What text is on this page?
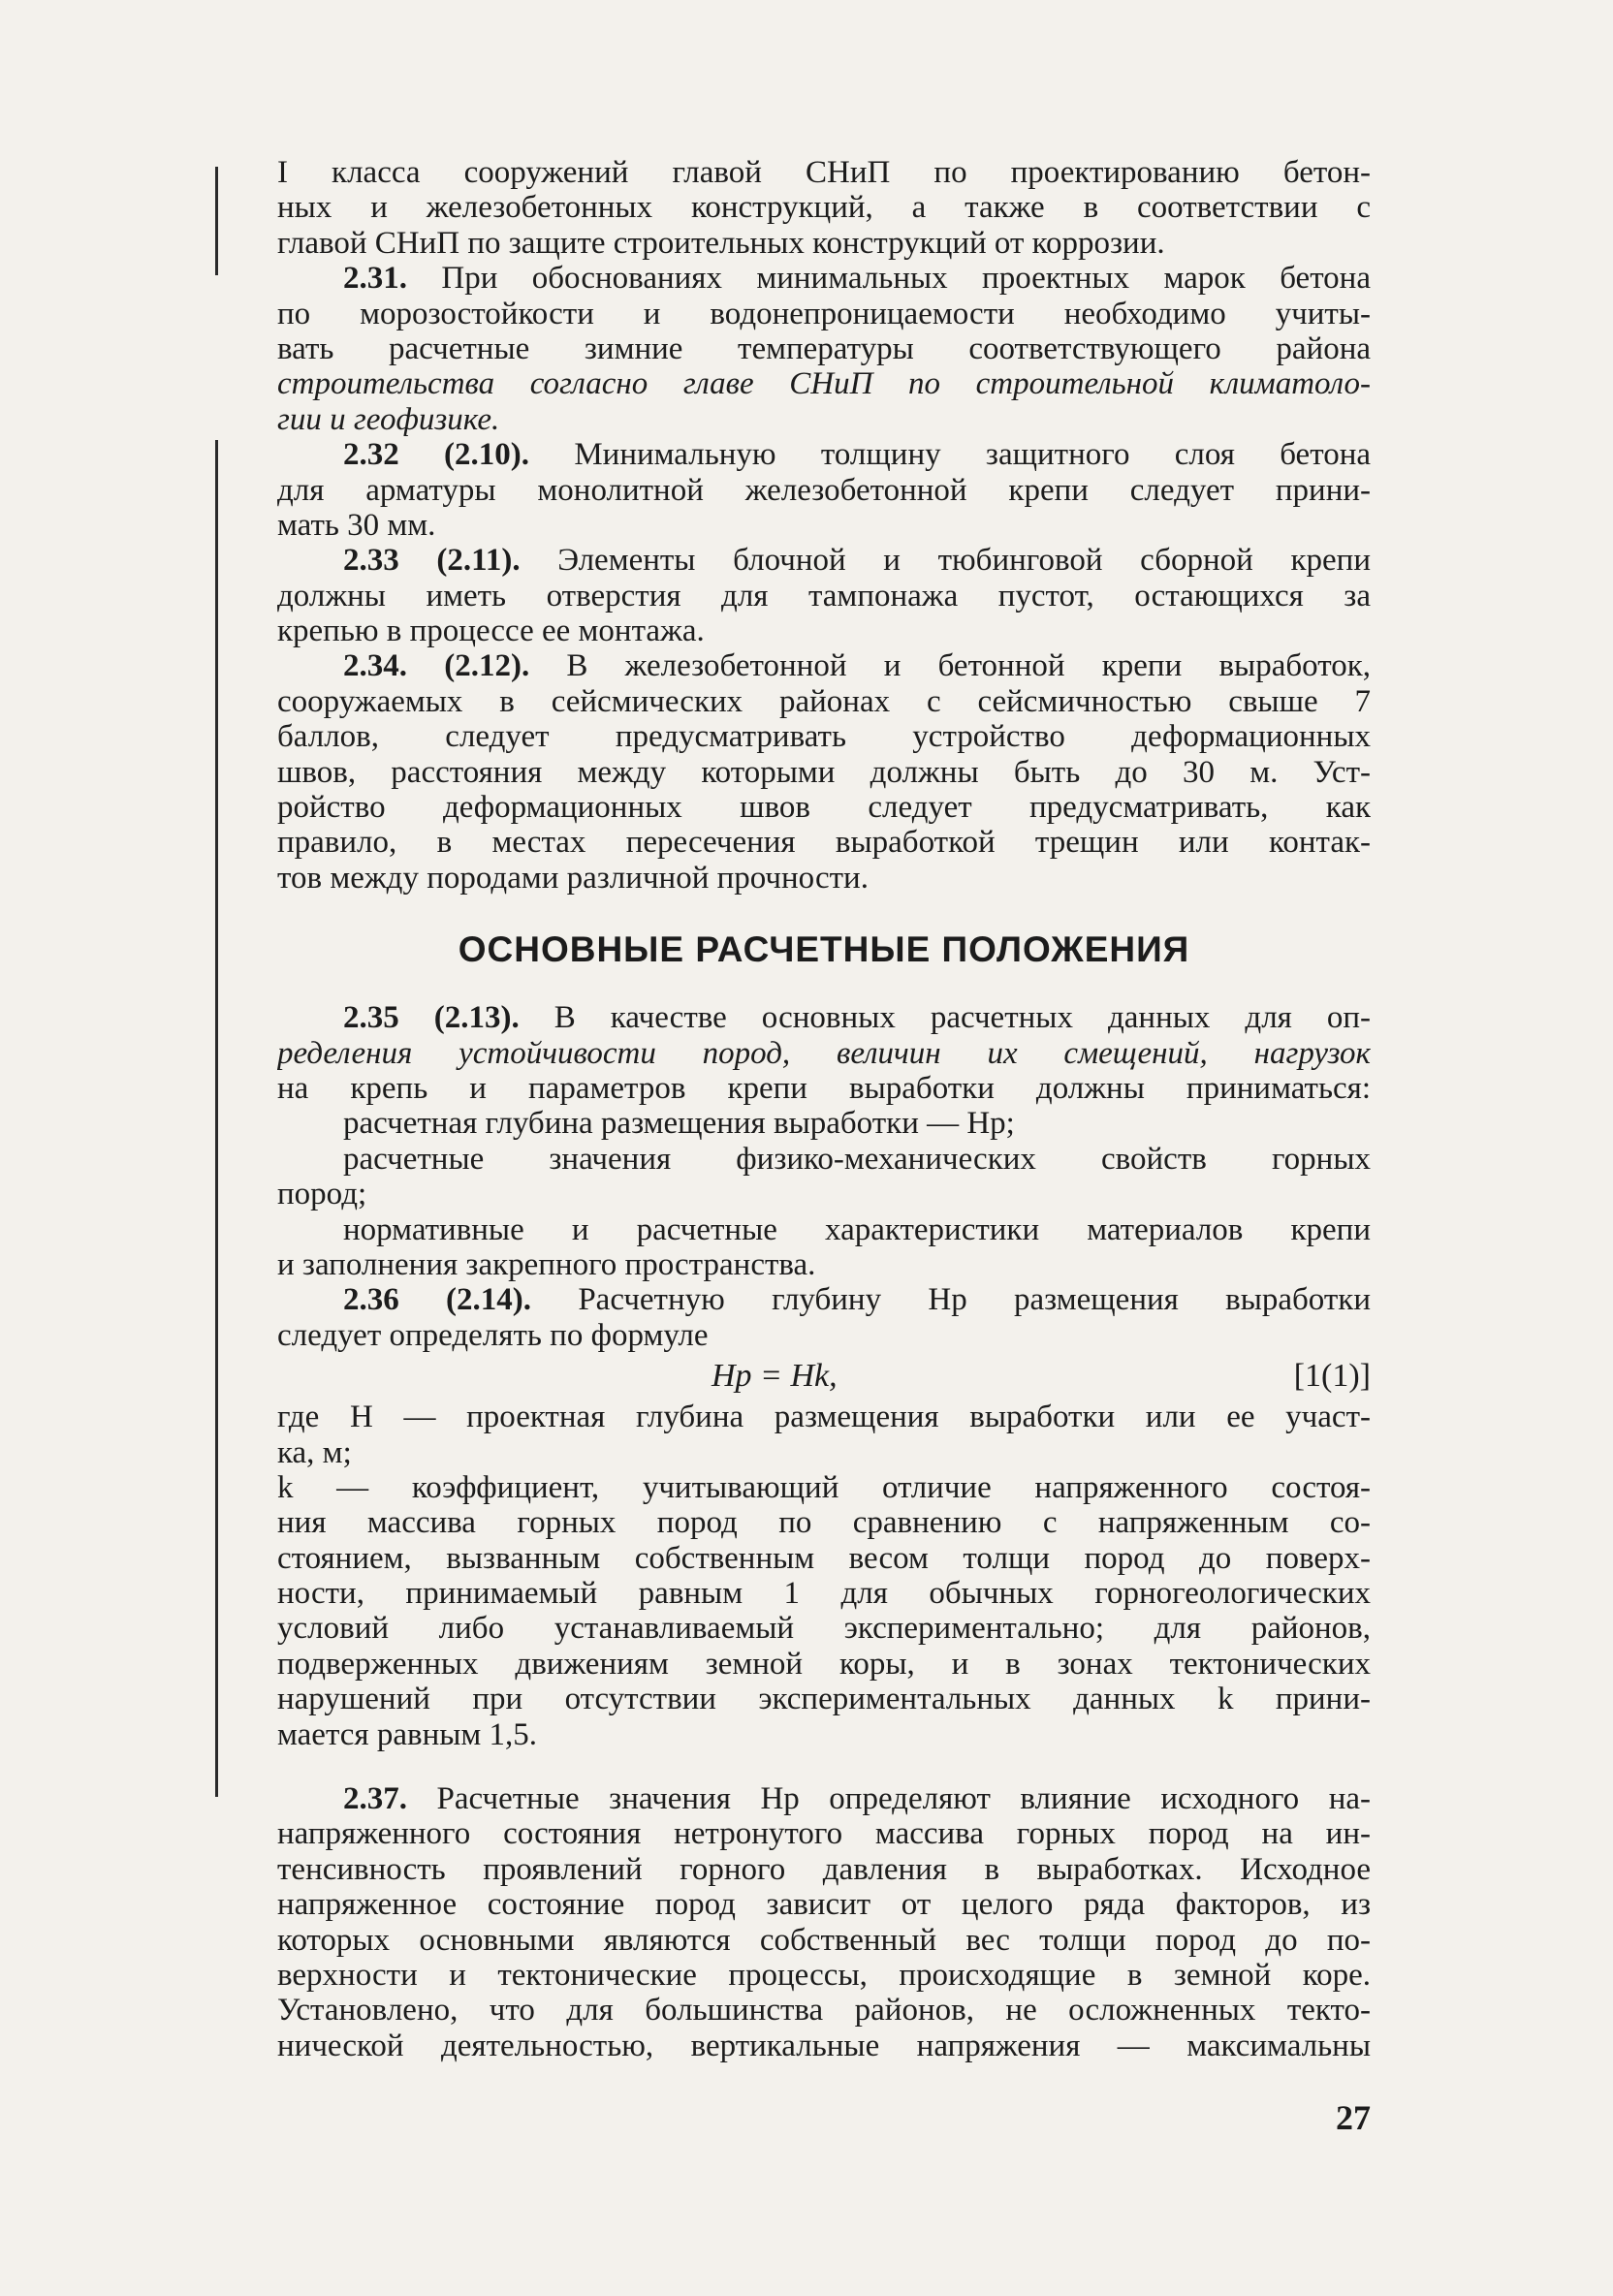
I класса сооружений главой СНиП по проектированию бетон-
ных и железобетонных конструкций, а также в соответствии с
главой СНиП по защите строительных конструкций от коррозии.
2.31. При обоснованиях минимальных проектных марок бетона
по морозостойкости и водонепроницаемости необходимо учиты-
вать расчетные зимние температуры соответствующего района
строительства согласно главе СНиП по строительной климатоло-
гии и геофизике.
2.32 (2.10). Минимальную толщину защитного слоя бетона
для арматуры монолитной железобетонной крепи следует прини-
мать 30 мм.
2.33 (2.11). Элементы блочной и тюбинговой сборной крепи
должны иметь отверстия для тампонажа пустот, остающихся за
крепью в процессе ее монтажа.
2.34. (2.12). В железобетонной и бетонной крепи выработок,
сооружаемых в сейсмических районах с сейсмичностью свыше 7
баллов, следует предусматривать устройство деформационных
швов, расстояния между которыми должны быть до 30 м. Уст-
ройство деформационных швов следует предусматривать, как
правило, в местах пересечения выработкой трещин или контак-
тов между породами различной прочности.
ОСНОВНЫЕ РАСЧЕТНЫЕ ПОЛОЖЕНИЯ
2.35 (2.13). В качестве основных расчетных данных для оп-
ределения устойчивости пород, величин их смещений, нагрузок
на крепь и параметров крепи выработки должны приниматься:
расчетная глубина размещения выработки — Hр;
расчетные значения физико-механических свойств горных
пород;
нормативные и расчетные характеристики материалов крепи
и заполнения закрепного пространства.
2.36 (2.14). Расчетную глубину Hр размещения выработки
следует определять по формуле
Hр = Hk,	[1(1)]
где H — проектная глубина размещения выработки или ее участ-
ка, м;
k — коэффициент, учитывающий отличие напряженного состоя-
ния массива горных пород по сравнению с напряженным со-
стоянием, вызванным собственным весом толщи пород до поверх-
ности, принимаемый равным 1 для обычных горногеологических
условий либо устанавливаемый экспериментально; для районов,
подверженных движениям земной коры, и в зонах тектонических
нарушений при отсутствии экспериментальных данных k прини-
мается равным 1,5.
2.37. Расчетные значения Hр определяют влияние исходного на-
напряженного состояния нетронутого массива горных пород на ин-
тенсивность проявлений горного давления в выработках. Исходное
напряженное состояние пород зависит от целого ряда факторов, из
которых основными являются собственный вес толщи пород до по-
верхности и тектонические процессы, происходящие в земной коре.
Установлено, что для большинства районов, не осложненных текто-
нической деятельностью, вертикальные напряжения — максимальны
27
